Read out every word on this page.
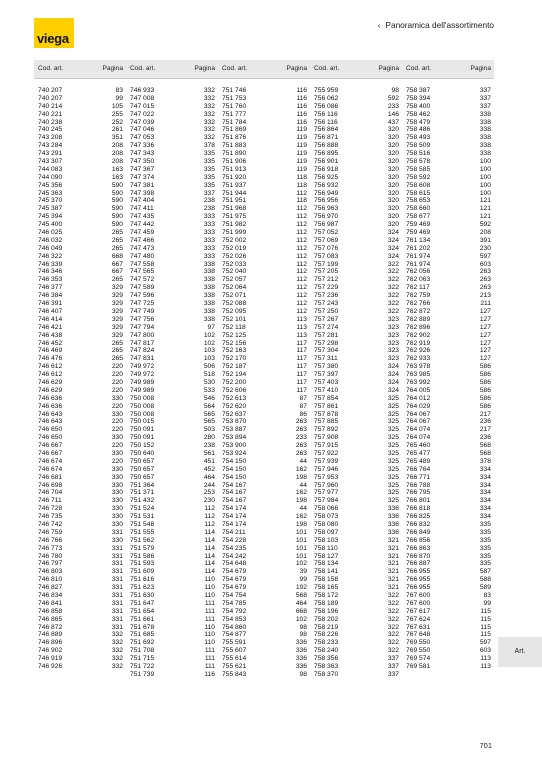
viega
‹ Panoramica dell'assortimento
Cod. art.	Pagina	Cod. art.	Pagina	Cod. art.	Pagina	Cod. art.	Pagina	Cod. art.	Pagina
740 207	83
740 207	99
740 214	105
740 221	255
740 238	252
740 245	261
743 208	351
743 284	208
743 291	208
743 307	208
744 083	163
744 090	163
745 356	590
745 363	590
745 370	590
745 387	590
745 394	590
745 400	590
746 025	265
746 032	265
746 049	265
746 322	668
746 339	667
746 346	667
746 353	265
746 377	329
746 384	329
746 391	329
746 407	329
746 414	329
746 421	329
746 438	329
746 452	265
746 469	265
746 476	265
746 612	220
746 612	220
746 629	220
746 629	220
746 636	330
746 636	220
746 643	330
746 643	220
746 650	220
746 650	330
746 667	220
746 667	330
746 674	220
746 674	330
746 681	330
746 698	330
746 704	330
746 711	330
746 728	330
746 735	330
746 742	330
746 759	331
746 766	330
746 773	331
746 780	331
746 797	331
746 803	331
746 810	331
746 827	331
746 834	331
746 841	331
746 858	331
746 865	331
746 872	331
746 889	332
746 896	332
746 902	332
746 919	332
746 926	332
746 933	332
747 008	332
747 015	332
747 022	332
747 039	332
747 046	332
747 053	332
747 336	378
747 343	335
747 350	335
747 367	335
747 374	335
747 381	335
747 398	337
747 404	238
747 411	238
747 435	333
747 442	333
747 459	333
747 466	333
747 473	333
747 480	333
747 558	338
747 565	338
747 572	338
747 589	338
747 596	338
747 725	338
747 749	338
747 756	338
747 794	97
747 800	102
747 817	102
747 824	103
747 831	103
749 972	506
749 972	518
749 989	530
749 989	533
750 008	546
750 008	564
750 008	565
750 015	565
750 091	503
750 091	280
750 152	238
750 640	561
750 657	451
750 657	452
750 657	464
751 364	244
751 371	253
751 432	230
751 524	112
751 531	112
751 548	112
751 555	114
751 562	114
751 579	114
751 586	114
751 593	114
751 609	114
751 616	110
751 623	110
751 630	110
751 647	111
751 654	111
751 661	111
751 678	110
751 685	110
751 692	110
751 708	111
751 715	111
751 722	111
751 739	116
751 746	116
751 753	116
751 760	116
751 777	116
751 784	116
751 869	119
751 876	119
751 883	119
751 890	119
751 906	119
751 913	119
751 920	118
751 937	118
751 944	112
751 951	118
751 968	112
751 975	112
751 982	112
751 999	112
752 002	112
752 019	112
752 026	112
752 033	112
752 040	112
752 057	112
752 064	112
752 071	112
752 088	112
752 095	112
752 101	113
752 118	113
752 125	113
752 156	117
752 163	117
752 170	117
752 187	117
752 194	117
752 200	117
752 606	117
752 613	87
752 620	87
752 637	86
753 870	263
753 887	263
753 894	233
753 900	263
753 924	263
754 150	44
754 150	162
754 150	198
754 167	44
754 167	162
754 167	198
754 174	44
754 174	162
754 174	198
754 211	101
754 228	101
754 235	101
754 242	101
754 648	102
754 679	39
754 679	99
754 679	192
754 754	568
754 785	464
754 792	668
754 853	102
754 860	98
754 877	98
755 591	336
755 607	336
755 614	336
755 621	336
755 843	98
755 959	98
756 062	592
756 086	233
756 116	146
756 116	437
756 864	320
756 871	320
756 888	320
756 895	320
756 901	320
756 918	320
756 925	320
756 932	320
756 949	320
756 956	320
756 963	320
756 970	320
756 987	320
757 052	324
757 069	324
757 076	324
757 083	324
757 199	322
757 205	322
757 212	322
757 229	322
757 236	322
757 243	322
757 250	322
757 267	323
757 274	323
757 281	323
757 298	323
757 304	323
757 311	323
757 380	324
757 397	324
757 403	324
757 410	324
757 854	325
757 861	325
757 878	325
757 885	325
757 892	325
757 908	325
757 915	325
757 922	325
757 939	325
757 946	325
757 953	325
757 960	325
757 977	325
757 984	325
758 066	336
758 073	336
758 080	336
758 097	336
758 103	321
758 110	321
758 127	321
758 134	321
758 141	321
758 158	321
758 165	321
758 172	322
758 189	322
758 196	322
758 202	322
758 219	322
758 226	322
758 233	322
758 240	322
758 356	337
758 363	337
758 370	337
758 387	337
758 394	337
758 400	337
758 462	338
758 479	338
758 486	338
758 493	338
758 509	338
758 516	338
758 578	100
758 585	100
758 592	100
758 608	100
758 615	100
758 653	121
758 660	121
758 677	121
759 469	592
759 469	208
761 134	391
761 202	230
761 974	597
761 974	603
762 056	263
762 063	263
762 117	263
762 759	213
762 766	211
762 872	127
762 889	127
762 896	127
762 902	127
762 919	127
762 926	127
762 933	127
763 978	586
763 985	586
763 992	586
764 005	586
764 012	586
764 029	586
764 067	217
764 067	236
764 074	217
764 074	236
765 460	568
765 477	568
765 489	378
766 764	334
766 771	334
766 788	334
766 795	334
766 801	334
766 818	334
766 825	334
766 832	335
766 849	335
766 856	335
766 863	335
766 870	335
766 887	335
766 955	587
766 955	588
766 955	589
767 600	83
767 600	99
767 617	115
767 624	115
767 631	115
767 648	115
769 550	597
769 550	603
769 574	113
769 581	113
Art.
701
